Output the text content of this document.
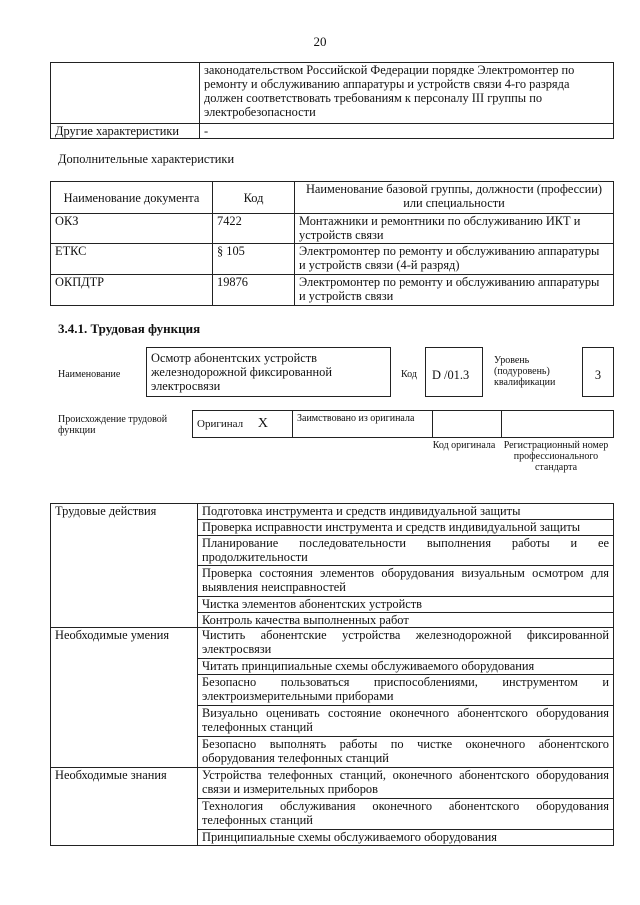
20
	законодательством Российской Федерации порядке Электромонтер по ремонту и обслуживанию аппаратуры и устройств связи 4-го разряда должен соответствовать требованиям к персоналу III группы по электробезопасности
Другие характеристики	-
Дополнительные характеристики
Наименование документа	Код	Наименование базовой группы, должности (профессии) или специальности
ОКЗ	7422	Монтажники и ремонтники по обслуживанию ИКТ и устройств связи
ЕТКС	§ 105	Электромонтер по ремонту и обслуживанию аппаратуры и устройств связи (4-й разряд)
ОКПДТР	19876	Электромонтер по ремонту и обслуживанию аппаратуры и устройств связи
3.4.1. Трудовая функция
Наименование
Осмотр абонентских устройств железнодорожной фиксированной электросвязи
Код	D /01.3
Уровень (подуровень) квалификации
3
Происхождение трудовой функции
Оригинал X	Заимствовано из оригинала		
Код оригинала Регистрационный номер профессионального стандарта
Трудовые действия	Подготовка инструмента и средств индивидуальной защиты
	Проверка исправности инструмента и средств индивидуальной защиты
	Планирование последовательности выполнения работы и ее продолжительности
	Проверка состояния элементов оборудования визуальным осмотром для выявления неисправностей
	Чистка элементов абонентских устройств
	Контроль качества выполненных работ
Необходимые умения	Чистить абонентские устройства железнодорожной фиксированной электросвязи
	Читать принципиальные схемы обслуживаемого оборудования
	Безопасно пользоваться приспособлениями, инструментом и электроизмерительными приборами
	Визуально оценивать состояние оконечного абонентского оборудования телефонных станций
	Безопасно выполнять работы по чистке оконечного абонентского оборудования телефонных станций
Необходимые знания	Устройства телефонных станций, оконечного абонентского оборудования связи и измерительных приборов
	Технология обслуживания оконечного абонентского оборудования телефонных станций
	Принципиальные схемы обслуживаемого оборудования
